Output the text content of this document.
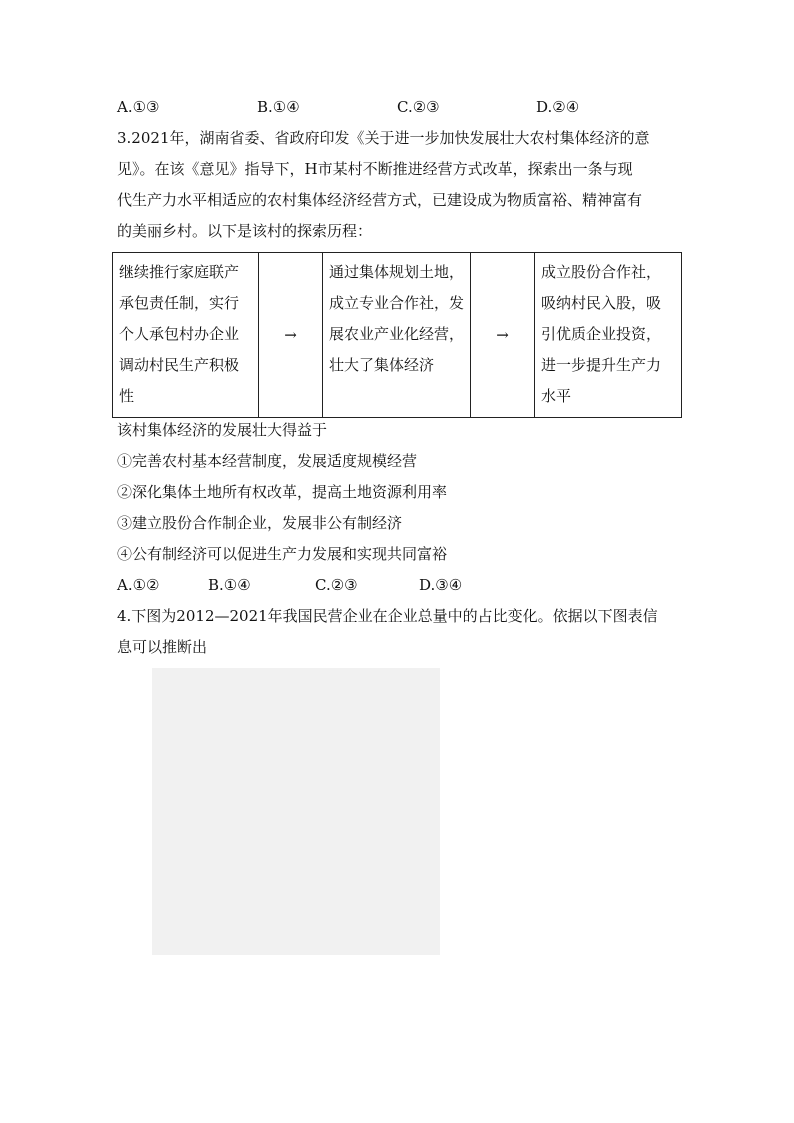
A.①③	B.①④	C.②③	D.②④
3.2021年，湖南省委、省政府印发《关于进一步加快发展壮大农村集体经济的意
见》。在该《意见》指导下，H市某村不断推进经营方式改革，探索出一条与现
代生产力水平相适应的农村集体经济经营方式，已建设成为物质富裕、精神富有
的美丽乡村。以下是该村的探索历程：
继续推行家庭联产承包责任制，实行个人承包村办企业调动村民生产积极性	→	通过集体规划土地，成立专业合作社，发展农业产业化经营，壮大了集体经济	→	成立股份合作社，吸纳村民入股，吸引优质企业投资，进一步提升生产力水平
该村集体经济的发展壮大得益于
①完善农村基本经营制度，发展适度规模经营
②深化集体土地所有权改革，提高土地资源利用率
③建立股份合作制企业，发展非公有制经济
④公有制经济可以促进生产力发展和实现共同富裕
A.①②	B.①④	C.②③	D.③④
4.下图为2012—2021年我国民营企业在企业总量中的占比变化。依据以下图表信
息可以推断出
